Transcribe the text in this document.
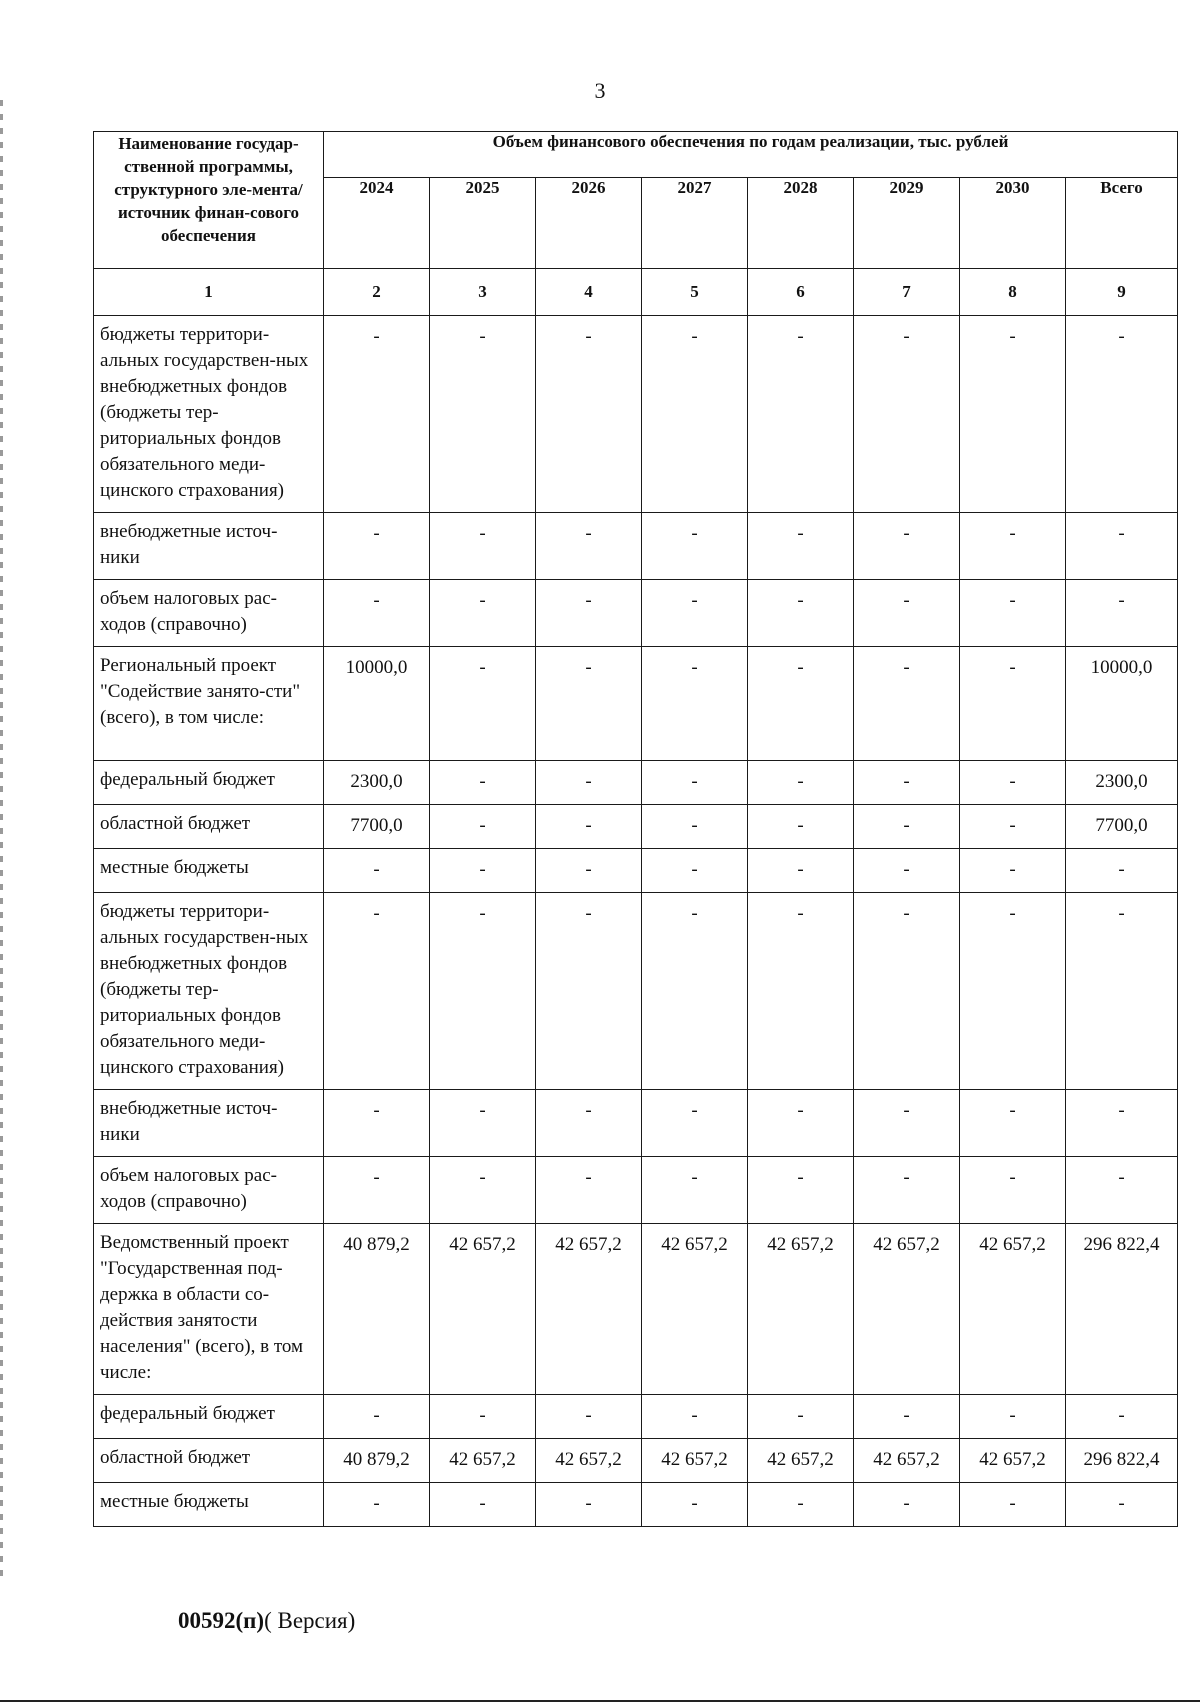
3
Наименование государ-ственной программы, структурного эле-мента/источник финан-сового обеспечения	Объем финансового обеспечения по годам реализации, тыс. рублей							
	2024	2025	2026	2027	2028	2029	2030	Всего
1	2	3	4	5	6	7	8	9
бюджеты территори-альных государствен-ных внебюджетных фондов (бюджеты тер-риториальных фондов обязательного меди-цинского страхования)	-	-	-	-	-	-	-	-
внебюджетные источ-ники	-	-	-	-	-	-	-	-
объем налоговых рас-ходов (справочно)	-	-	-	-	-	-	-	-
Региональный проект "Содействие занято-сти" (всего), в том числе:	10000,0	-	-	-	-	-	-	10000,0
федеральный бюджет	2300,0	-	-	-	-	-	-	2300,0
областной бюджет	7700,0	-	-	-	-	-	-	7700,0
местные бюджеты	-	-	-	-	-	-	-	-
бюджеты территори-альных государствен-ных внебюджетных фондов (бюджеты тер-риториальных фондов обязательного меди-цинского страхования)	-	-	-	-	-	-	-	-
внебюджетные источ-ники	-	-	-	-	-	-	-	-
объем налоговых рас-ходов (справочно)	-	-	-	-	-	-	-	-
Ведомственный проект "Государственная под-держка в области со-действия занятости населения" (всего), в том числе:	40 879,2	42 657,2	42 657,2	42 657,2	42 657,2	42 657,2	42 657,2	296 822,4
федеральный бюджет	-	-	-	-	-	-	-	-
областной бюджет	40 879,2	42 657,2	42 657,2	42 657,2	42 657,2	42 657,2	42 657,2	296 822,4
местные бюджеты	-	-	-	-	-	-	-	-
00592(п)( Версия)
